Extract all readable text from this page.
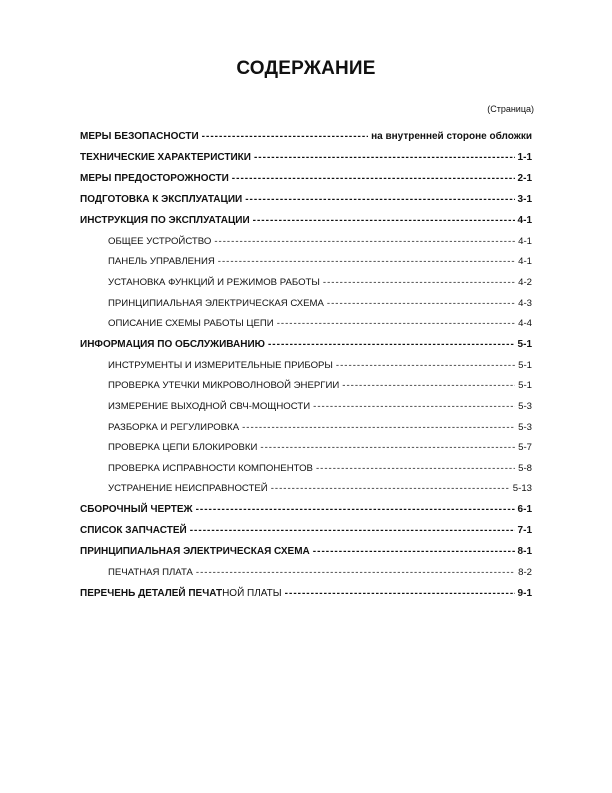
СОДЕРЖАНИЕ
(Страница)
МЕРЫ БЕЗОПАСНОСТИ -----	на внутренней стороне обложки
ТЕХНИЧЕСКИЕ ХАРАКТЕРИСТИКИ -----	1-1
МЕРЫ ПРЕДОСТОРОЖНОСТИ -----	2-1
ПОДГОТОВКА К ЭКСПЛУАТАЦИИ -----	3-1
ИНСТРУКЦИЯ ПО ЭКСПЛУАТАЦИИ -----	4-1
ОБЩЕЕ УСТРОЙСТВО -----	4-1
ПАНЕЛЬ УПРАВЛЕНИЯ -----	4-1
УСТАНОВКА ФУНКЦИЙ И РЕЖИМОВ РАБОТЫ -----	4-2
ПРИНЦИПИАЛЬНАЯ ЭЛЕКТРИЧЕСКАЯ СХЕМА -----	4-3
ОПИСАНИЕ СХЕМЫ РАБОТЫ ЦЕПИ -----	4-4
ИНФОРМАЦИЯ ПО ОБСЛУЖИВАНИЮ -----	5-1
ИНСТРУМЕНТЫ И ИЗМЕРИТЕЛЬНЫЕ ПРИБОРЫ -----	5-1
ПРОВЕРКА УТЕЧКИ МИКРОВОЛНОВОЙ ЭНЕРГИИ -----	5-1
ИЗМЕРЕНИЕ ВЫХОДНОЙ СВЧ-МОЩНОСТИ -----	5-3
РАЗБОРКА И РЕГУЛИРОВКА -----	5-3
ПРОВЕРКА ЦЕПИ БЛОКИРОВКИ -----	5-7
ПРОВЕРКА ИСПРАВНОСТИ КОМПОНЕНТОВ -----	5-8
УСТРАНЕНИЕ НЕИСПРАВНОСТЕЙ -----	5-13
СБОРОЧНЫЙ ЧЕРТЕЖ -----	6-1
СПИСОК ЗАПЧАСТЕЙ -----	7-1
ПРИНЦИПИАЛЬНАЯ ЭЛЕКТРИЧЕСКАЯ СХЕМА -----	8-1
ПЕЧАТНАЯ ПЛАТА -----	8-2
ПЕРЕЧЕНЬ ДЕТАЛЕЙ ПЕЧАТНОЙ ПЛАТЫ -----	9-1
